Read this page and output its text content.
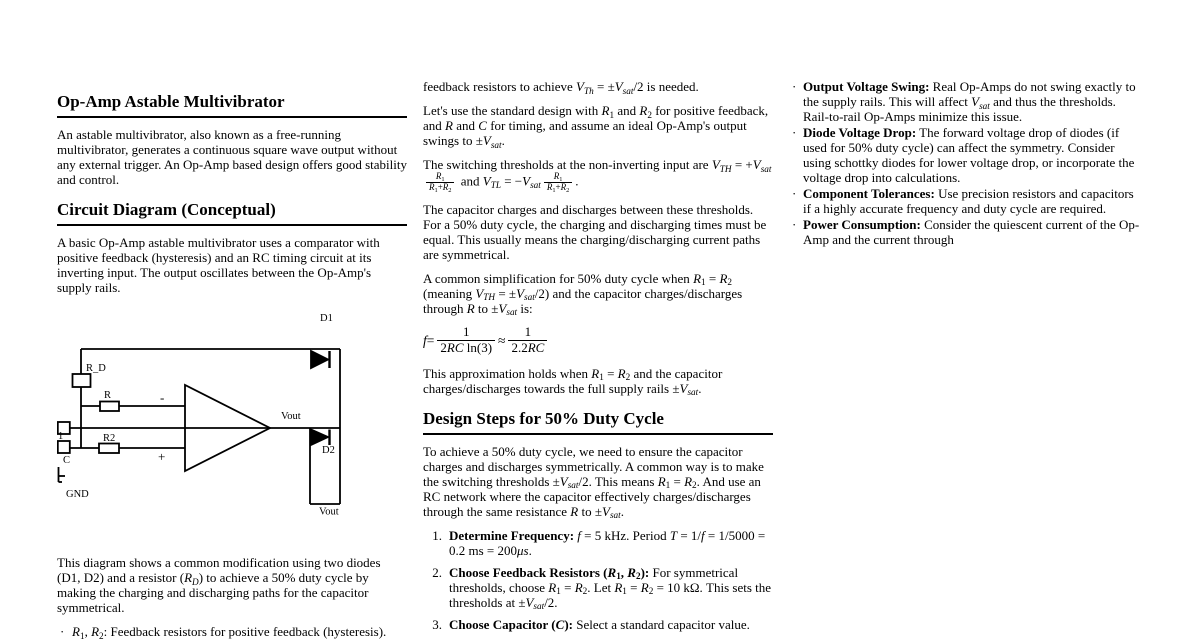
Op-Amp Astable Multivibrator

An astable multivibrator, also known as a free-running multivibrator, generates a continuous square wave output without any external trigger. An Op-Amp based design offers good stability and control.

Circuit Diagram (Conceptual)

A basic Op-Amp astable multivibrator uses a comparator with positive feedback (hysteresis) and an RC timing circuit at its inverting input. The output oscillates between the Op-Amp's supply rails.

D1
R_D
R	-
R2
+
Vout
D2
1
C
GND
Vout

This diagram shows a common modification using two diodes (D1, D2) and a resistor (RD) to achieve a 50% duty cycle by making the charging and discharging paths for the capacitor symmetrical.

· R1, R2: Feedback resistors for positive feedback (hysteresis).

feedback resistors to achieve VTh = ±Vsat/2 is needed.

Let's use the standard design with R1 and R2 for positive feedback, and R and C for timing, and assume an ideal Op-Amp's output swings to ±Vsat.

The switching thresholds at the non-inverting input are VTH = +Vsat
$\frac{R1}{R1+R2}$ and VTL = −Vsat $\frac{R1}{R1+R2}$ .

The capacitor charges and discharges between these thresholds. For a 50% duty cycle, the charging and discharging times must be equal. This usually means the charging/discharging current paths are symmetrical.

A common simplification for 50% duty cycle when R1 = R2 (meaning VTH = ±Vsat/2) and the capacitor charges/discharges through R to ±Vsat is:

$f = \frac{1}{\text{2RC ln(3)}} \approx \frac{1}{2.2RC}$

This approximation holds when R1 = R2 and the capacitor charges/discharges towards the full supply rails ±Vsat.

Design Steps for 50% Duty Cycle

To achieve a 50% duty cycle, we need to ensure the capacitor charges and discharges symmetrically. A common way is to make the switching thresholds ±Vsat/2. This means R1 = R2. And use an RC network where the capacitor effectively charges/discharges through the same resistance R to ±Vsat.

1. Determine Frequency: f = 5 kHz. Period T = 1/f = 1/5000 = 0.2 ms = 200μs.
2. Choose Feedback Resistors (R1, R2): For symmetrical thresholds, choose R1 = R2. Let R1 = R2 = 10 kΩ. This sets the thresholds at ±Vsat/2.
3. Choose Capacitor (C): Select a standard capacitor value.
· Output Voltage Swing: Real Op-Amps do not swing exactly to the supply rails. This will affect Vsat and thus the thresholds. Rail-to-rail Op-Amps minimize this issue.
· Diode Voltage Drop: The forward voltage drop of diodes (if used for 50% duty cycle) can affect the symmetry. Consider using schottky diodes for lower voltage drop, or incorporate the voltage drop into calculations.
· Component Tolerances: Use precision resistors and capacitors if a highly accurate frequency and duty cycle are required.
· Power Consumption: Consider the quiescent current of the Op-Amp and the current through
